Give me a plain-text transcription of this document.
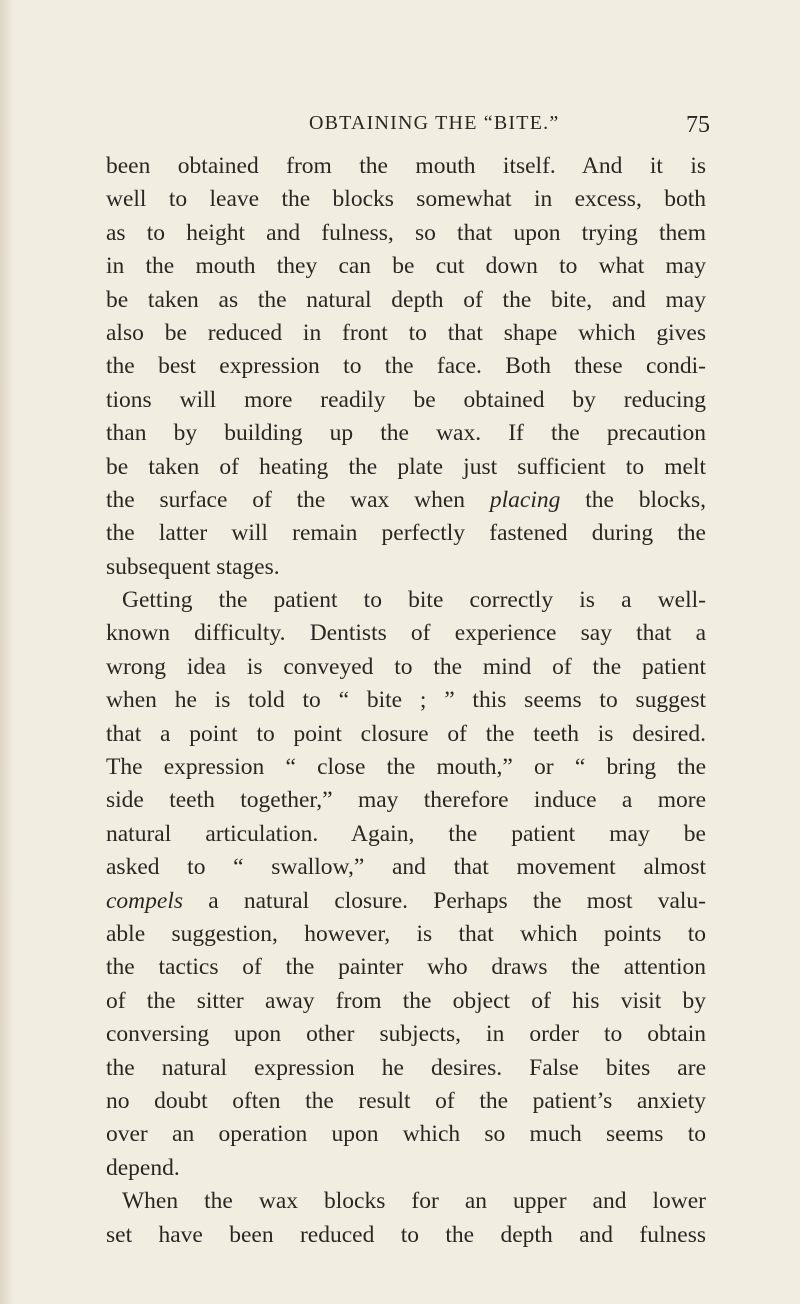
OBTAINING THE “BITE.”	75
been obtained from the mouth itself. And it is
well to leave the blocks somewhat in excess, both
as to height and fulness, so that upon trying them
in the mouth they can be cut down to what may
be taken as the natural depth of the bite, and may
also be reduced in front to that shape which gives
the best expression to the face. Both these condi-
tions will more readily be obtained by reducing
than by building up the wax. If the precaution
be taken of heating the plate just sufficient to melt
the surface of the wax when placing the blocks,
the latter will remain perfectly fastened during the
subsequent stages.
Getting the patient to bite correctly is a well-
known difficulty. Dentists of experience say that a
wrong idea is conveyed to the mind of the patient
when he is told to “ bite ; ” this seems to suggest
that a point to point closure of the teeth is desired.
The expression “ close the mouth,” or “ bring the
side teeth together,” may therefore induce a more
natural articulation. Again, the patient may be
asked to “ swallow,” and that movement almost
compels a natural closure. Perhaps the most valu-
able suggestion, however, is that which points to
the tactics of the painter who draws the attention
of the sitter away from the object of his visit by
conversing upon other subjects, in order to obtain
the natural expression he desires. False bites are
no doubt often the result of the patient’s anxiety
over an operation upon which so much seems to
depend.
When the wax blocks for an upper and lower
set have been reduced to the depth and fulness
